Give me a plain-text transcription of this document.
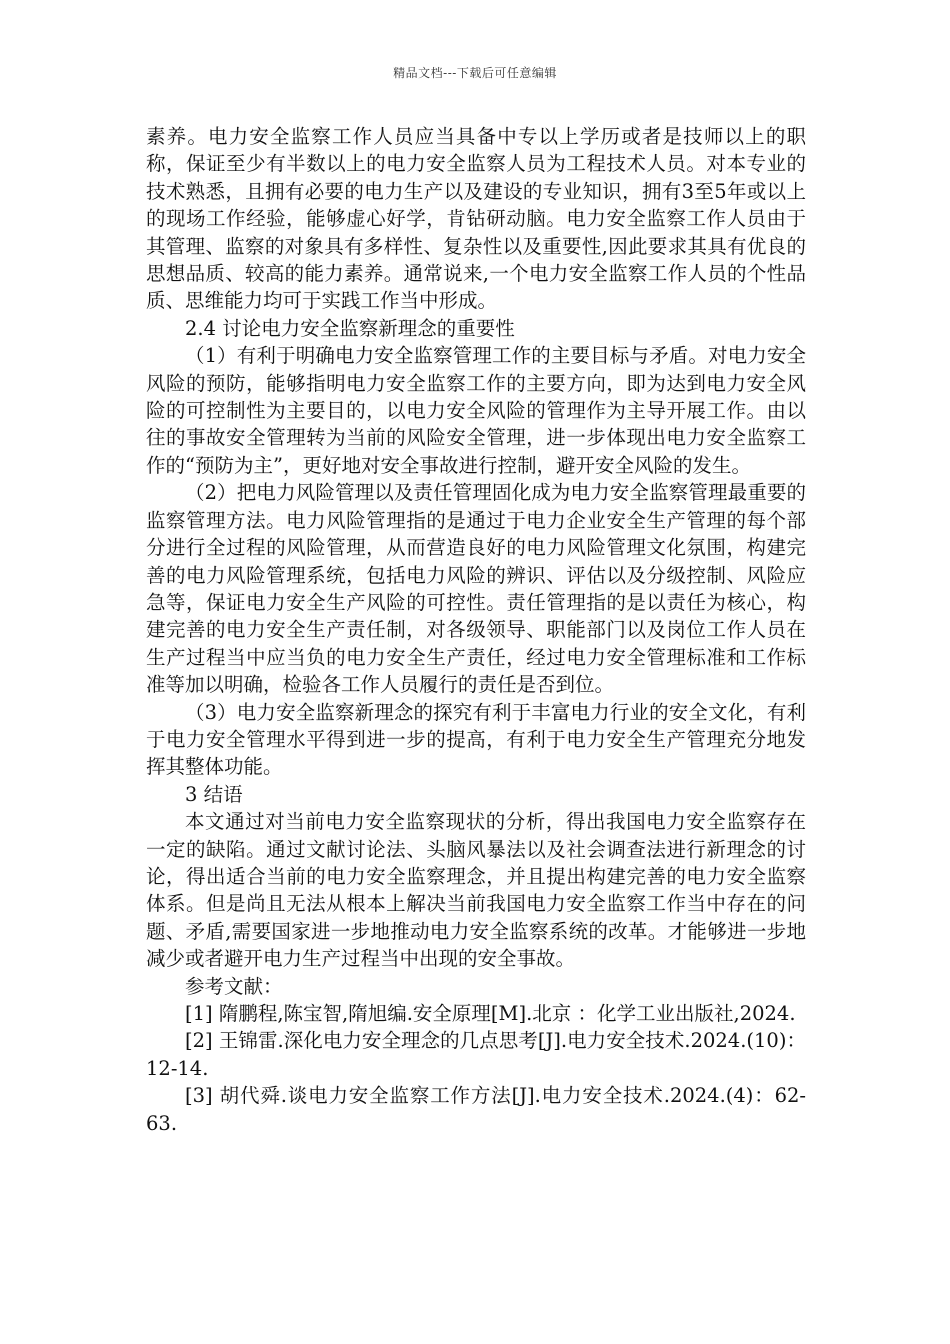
精品文档---下载后可任意编辑

素养。电力安全监察工作人员应当具备中专以上学历或者是技师以上的职称，保证至少有半数以上的电力安全监察人员为工程技术人员。对本专业的技术熟悉，且拥有必要的电力生产以及建设的专业知识，拥有3至5年或以上的现场工作经验，能够虚心好学，肯钻研动脑。电力安全监察工作人员由于其管理、监察的对象具有多样性、复杂性以及重要性,因此要求其具有优良的思想品质、较高的能力素养。通常说来,一个电力安全监察工作人员的个性品质、思维能力均可于实践工作当中形成。

2.4 讨论电力安全监察新理念的重要性

（1）有利于明确电力安全监察管理工作的主要目标与矛盾。对电力安全风险的预防，能够指明电力安全监察工作的主要方向，即为达到电力安全风险的可控制性为主要目的，以电力安全风险的管理作为主导开展工作。由以往的事故安全管理转为当前的风险安全管理，进一步体现出电力安全监察工作的“预防为主”，更好地对安全事故进行控制，避开安全风险的发生。

（2）把电力风险管理以及责任管理固化成为电力安全监察管理最重要的监察管理方法。电力风险管理指的是通过于电力企业安全生产管理的每个部分进行全过程的风险管理，从而营造良好的电力风险管理文化氛围，构建完善的电力风险管理系统，包括电力风险的辨识、评估以及分级控制、风险应急等，保证电力安全生产风险的可控性。责任管理指的是以责任为核心，构建完善的电力安全生产责任制，对各级领导、职能部门以及岗位工作人员在生产过程当中应当负的电力安全生产责任，经过电力安全管理标准和工作标准等加以明确，检验各工作人员履行的责任是否到位。

（3）电力安全监察新理念的探究有利于丰富电力行业的安全文化，有利于电力安全管理水平得到进一步的提高，有利于电力安全生产管理充分地发挥其整体功能。

3 结语

本文通过对当前电力安全监察现状的分析，得出我国电力安全监察存在一定的缺陷。通过文献讨论法、头脑风暴法以及社会调查法进行新理念的讨论，得出适合当前的电力安全监察理念，并且提出构建完善的电力安全监察体系。但是尚且无法从根本上解决当前我国电力安全监察工作当中存在的问题、矛盾,需要国家进一步地推动电力安全监察系统的改革。才能够进一步地减少或者避开电力生产过程当中出现的安全事故。

参考文献：

[1] 隋鹏程,陈宝智,隋旭编.安全原理[M].北京 ：化学工业出版社,2024.

[2] 王锦雷.深化电力安全理念的几点思考[J].电力安全技术.2024.(10)：12-14.

[3] 胡代舜.谈电力安全监察工作方法[J].电力安全技术.2024.(4)：62-63.
